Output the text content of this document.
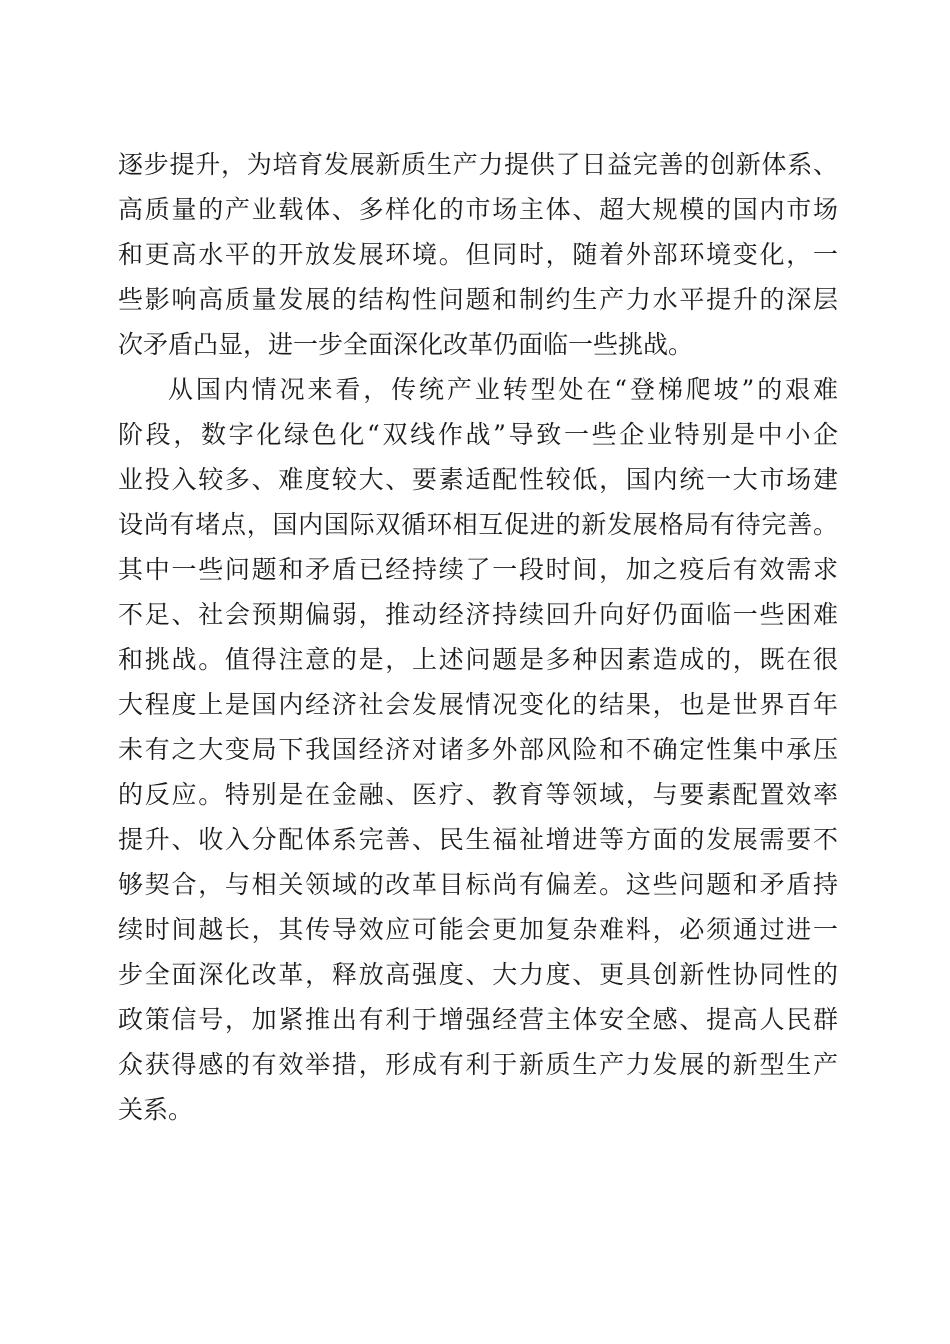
逐步提升，为培育发展新质生产力提供了日益完善的创新体系、
高质量的产业载体、多样化的市场主体、超大规模的国内市场
和更高水平的开放发展环境。但同时，随着外部环境变化，一
些影响高质量发展的结构性问题和制约生产力水平提升的深层
次矛盾凸显，进一步全面深化改革仍面临一些挑战。
从国内情况来看，传统产业转型处在“登梯爬坡”的艰难
阶段，数字化绿色化“双线作战”导致一些企业特别是中小企
业投入较多、难度较大、要素适配性较低，国内统一大市场建
设尚有堵点，国内国际双循环相互促进的新发展格局有待完善。
其中一些问题和矛盾已经持续了一段时间，加之疫后有效需求
不足、社会预期偏弱，推动经济持续回升向好仍面临一些困难
和挑战。值得注意的是，上述问题是多种因素造成的，既在很
大程度上是国内经济社会发展情况变化的结果，也是世界百年
未有之大变局下我国经济对诸多外部风险和不确定性集中承压
的反应。特别是在金融、医疗、教育等领域，与要素配置效率
提升、收入分配体系完善、民生福祉增进等方面的发展需要不
够契合，与相关领域的改革目标尚有偏差。这些问题和矛盾持
续时间越长，其传导效应可能会更加复杂难料，必须通过进一
步全面深化改革，释放高强度、大力度、更具创新性协同性的
政策信号，加紧推出有利于增强经营主体安全感、提高人民群
众获得感的有效举措，形成有利于新质生产力发展的新型生产
关系。
